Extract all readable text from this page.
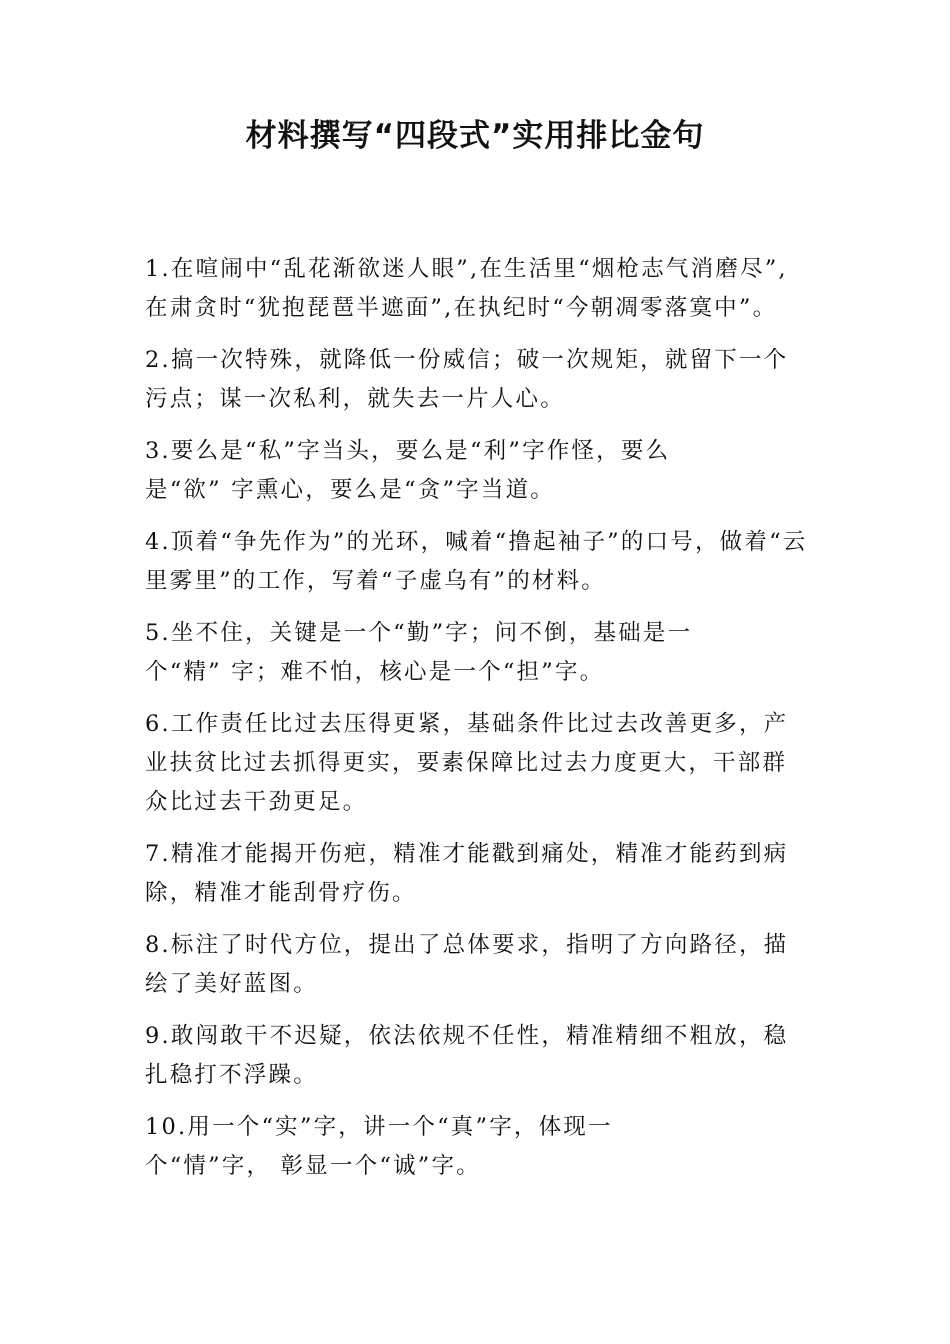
材料撰写“四段式”实用排比金句

1.在喧闹中“乱花渐欲迷人眼”,在生活里“烟枪志气消磨尽”,在肃贪时“犹抱琵琶半遮面”,在执纪时“今朝凋零落寞中”。

2.搞一次特殊，就降低一份威信；破一次规矩，就留下一个污点；谋一次私利，就失去一片人心。

3.要么是“私”字当头，要么是“利”字作怪，要么
是“欲” 字熏心，要么是“贪”字当道。

4.顶着“争先作为”的光环，喊着“撸起袖子”的口号，做着“云里雾里”的工作，写着“子虚乌有”的材料。

5.坐不住，关键是一个“勤”字；问不倒，基础是一
个“精” 字；难不怕，核心是一个“担”字。

6.工作责任比过去压得更紧，基础条件比过去改善更多，产业扶贫比过去抓得更实，要素保障比过去力度更大，干部群众比过去干劲更足。

7.精准才能揭开伤疤，精准才能戳到痛处，精准才能药到病除，精准才能刮骨疗伤。

8.标注了时代方位，提出了总体要求，指明了方向路径，描绘了美好蓝图。

9.敢闯敢干不迟疑，依法依规不任性，精准精细不粗放，稳扎稳打不浮躁。

10.用一个“实”字，讲一个“真”字，体现一
个“情”字， 彰显一个“诚”字。
